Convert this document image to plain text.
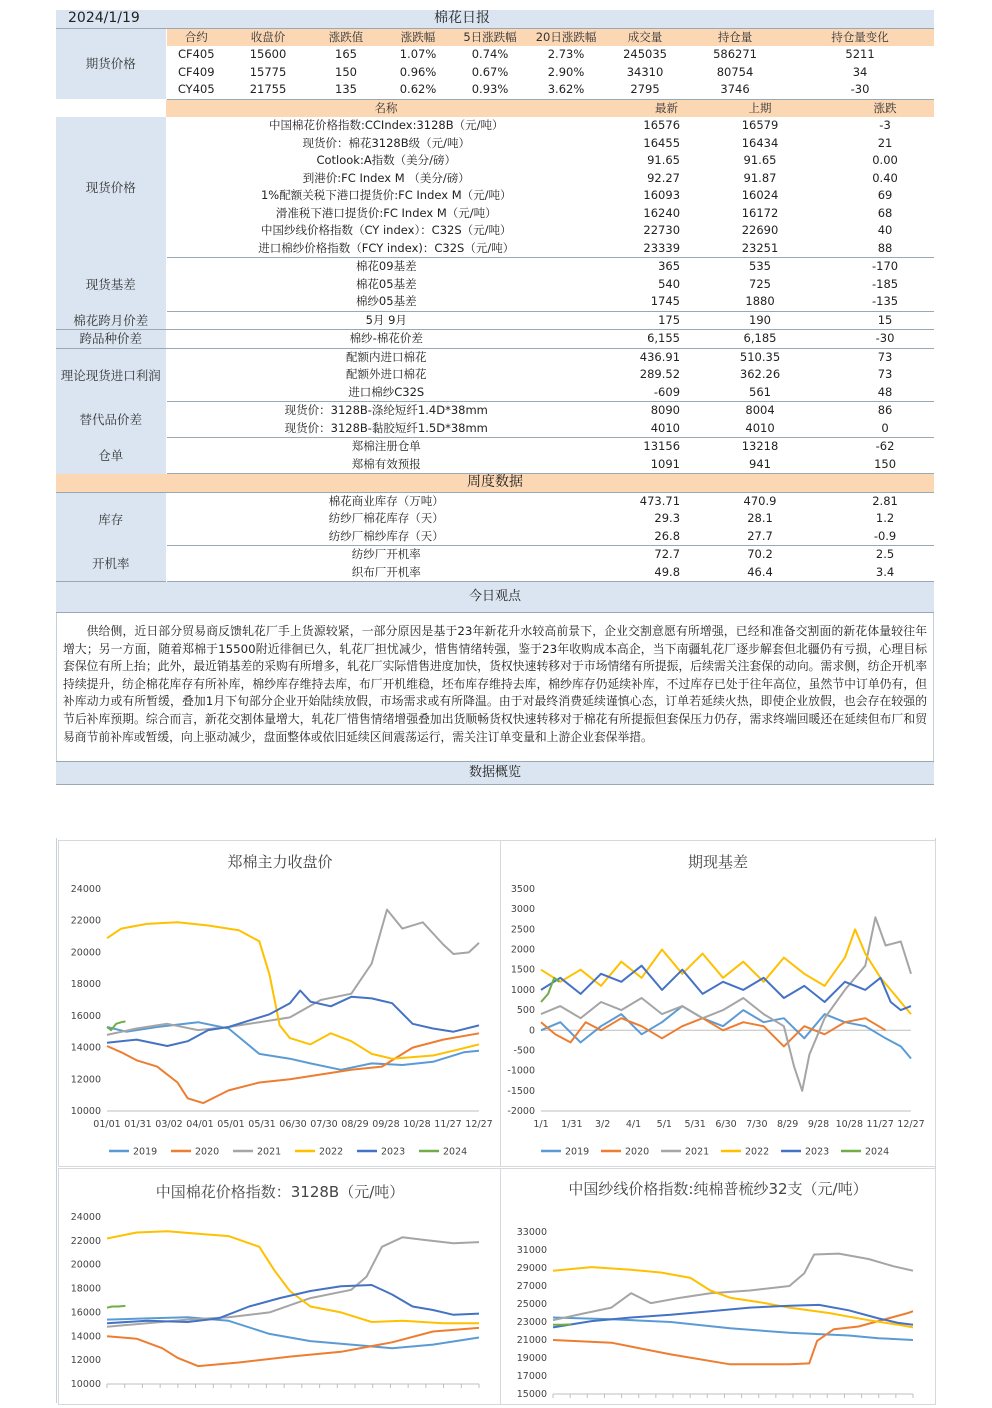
2024/1/19		棉花日报								
期货价格	合约	收盘价	涨跌值	涨跌幅	5日涨跌幅	20日涨跌幅	成交量	持仓量	持仓量变化	
	CF405	15600	165	1.07%	0.74%	2.73%	245035	586271	5211	
	CF409	15775	150	0.96%	0.67%	2.90%	34310	80754	34	
	CY405	21755	135	0.62%	0.93%	3.62%	2795	3746	-30	
	名称						最新	上期		涨跌
现货价格	中国棉花价格指数:CCIndex:3128B（元/吨）						16576	16579		-3
	现货价：棉花3128B级（元/吨）						16455	16434		21
	Cotlook:A指数（美分/磅）						91.65	91.65		0.00
	到港价:FC Index M （美分/磅）						92.27	91.87		0.40
	1%配额关税下港口提货价:FC Index M（元/吨）						16093	16024		69
	滑准税下港口提货价:FC Index M（元/吨）						16240	16172		68
	中国纱线价格指数（CY index）：C32S（元/吨）						22730	22690		40
	进口棉纱价格指数（FCY index)：C32S（元/吨）						23339	23251		88
现货基差	棉花09基差						365	535		-170
	棉花05基差						540	725		-185
	棉纱05基差						1745	1880		-135
棉花跨月价差	5月 9月						175	190		15
跨品种价差	棉纱-棉花价差						6,155	6,185		-30
理论现货进口利润	配额内进口棉花						436.91	510.35		73
	配额外进口棉花						289.52	362.26		73
	进口棉纱C32S						-609	561		48
替代品价差	现货价：3128B-涤纶短纤1.4D*38mm						8090	8004		86
	现货价：3128B-黏胶短纤1.5D*38mm						4010	4010		0
仓单	郑棉注册仓单						13156	13218		-62
	郑棉有效预报						1091	941		150
周度数据										
库存	棉花商业库存（万吨）						473.71	470.9		2.81
	纺纱厂棉花库存（天）						29.3	28.1		1.2
	纺纱厂棉纱库存（天）						26.8	27.7		-0.9
开机率	纺纱厂开机率						72.7	70.2		2.5
	织布厂开机率						49.8	46.4		3.4
今日观点										
供给侧，近日部分贸易商反馈轧花厂手上货源较紧，一部分原因是基于23年新花升水较高前景下，企业交割意愿有所增强，已经和准备交割面的新花体量较往年增大；另一方面，随着郑棉于15500附近徘徊已久，轧花厂担忧减少，惜售情绪转强，鉴于23年收购成本高企，当下南疆轧花厂逐步解套但北疆仍有亏损，心理目标套保位有所上抬；此外，最近销基差的采购有所增多，轧花厂实际惜售进度加快，货权快速转移对于市场情绪有所提振，后续需关注套保的动向。需求侧，纺企开机率持续提升，纺企棉花库存有所补库，棉纱库存维持去库，布厂开机维稳，坯布库存维持去库，棉纱库存仍延续补库，不过库存已处于往年高位，虽然节中订单仍有，但补库动力或有所暂缓，叠加1月下旬部分企业开始陆续放假，市场需求或有所降温。由于对最终消费延续谨慎心态，订单若延续火热，即使企业放假，也会存在较强的节后补库预期。综合而言，新花交割体量增大，轧花厂惜售情绪增强叠加出货顺畅货权快速转移对于棉花有所提振但套保压力仍存，需求终端回暖还在延续但布厂和贸易商节前补库或暂缓，向上驱动减少，盘面整体或依旧延续区间震荡运行，需关注订单变量和上游企业套保举措。
数据概览
郑棉主力收盘价
10000
12000
14000
16000
18000
20000
22000
24000
01/01 01/31 03/02 04/01 05/01 05/31 06/30 07/30 08/29 09/28 10/28 11/27 12/27
2019	2020	2021	2022	2023	2024
期现基差
-2000
-1500
-1000
-500
0
500
1000
1500
2000
2500
3000
3500
1/1 1/31 3/2 4/1 5/1 5/31 6/30 7/30 8/29 9/28 10/28 11/27 12/27
2019	2020	2021	2022	2023	2024
中国棉花价格指数：3128B（元/吨）
10000
12000
14000
16000
18000
20000
22000
24000
中国纱线价格指数:纯棉普梳纱32支（元/吨）
15000
17000
19000
21000
23000
25000
27000
29000
31000
33000
